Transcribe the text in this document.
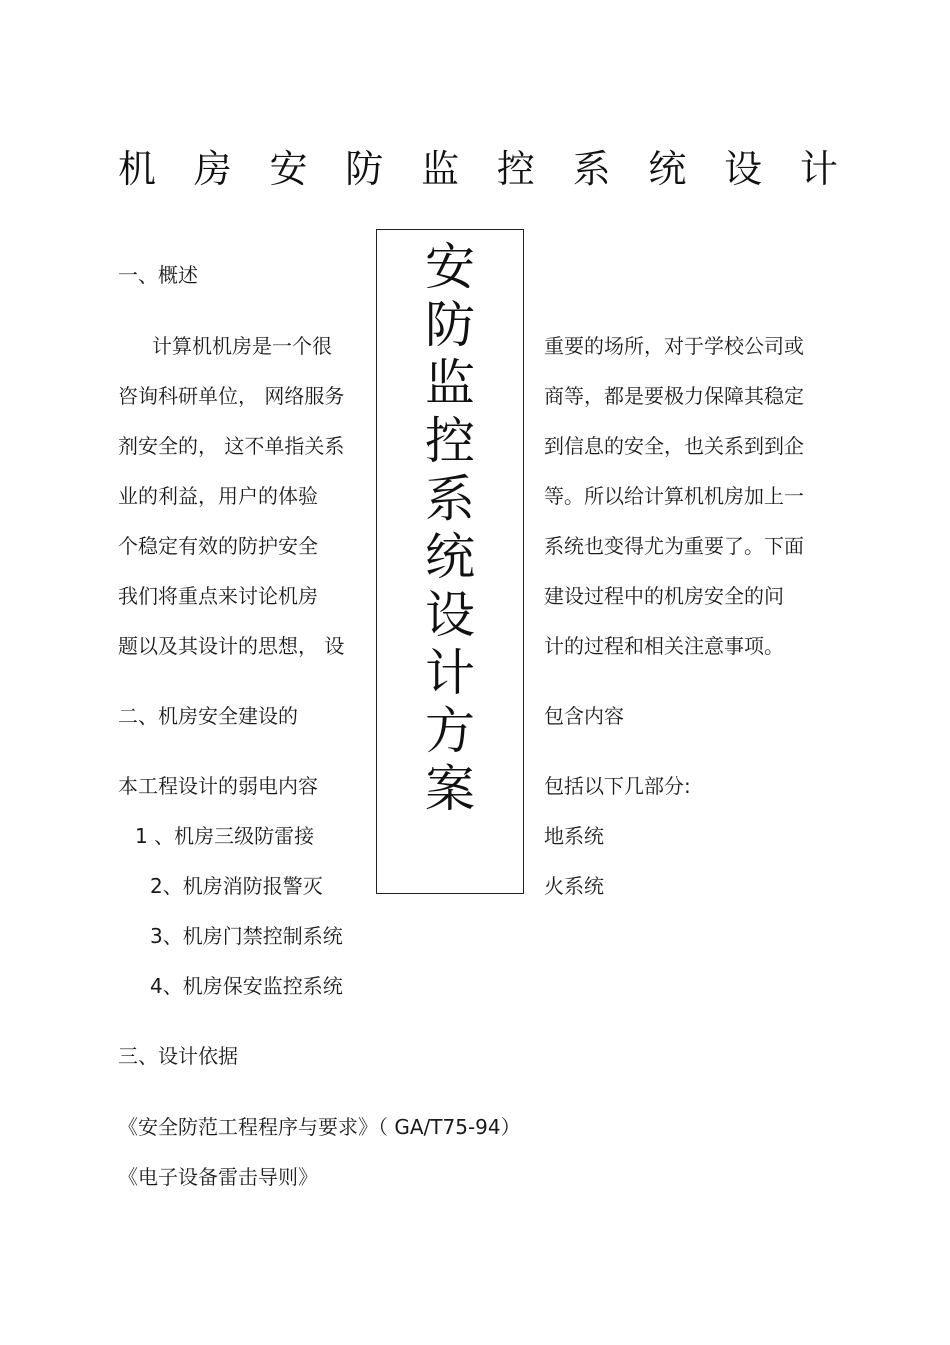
机 房 安 防 监 控 系 统 设 计
安
防
监
控
系
统
设
计
方
案
一、概述
计算机机房是一个很
咨询科研单位， 网络服务
剂安全的， 这不单指关系
业的利益，用户的体验
个稳定有效的防护安全
我们将重点来讨论机房
题以及其设计的思想， 设
重要的场所，对于学校公司或
商等，都是要极力保障其稳定
到信息的安全，也关系到到企
等。所以给计算机机房加上一
系统也变得尤为重要了。下面
建设过程中的机房安全的问
计的过程和相关注意事项。
二、机房安全建设的	包含内容
本工程设计的弱电内容	包括以下几部分:
1 、机房三级防雷接	地系统
2、机房消防报警灭	火系统
3、机房门禁控制系统
4、机房保安监控系统
三、设计依据
《安全防范工程程序与要求》（ GA/T75-94）
《电子设备雷击导则》
